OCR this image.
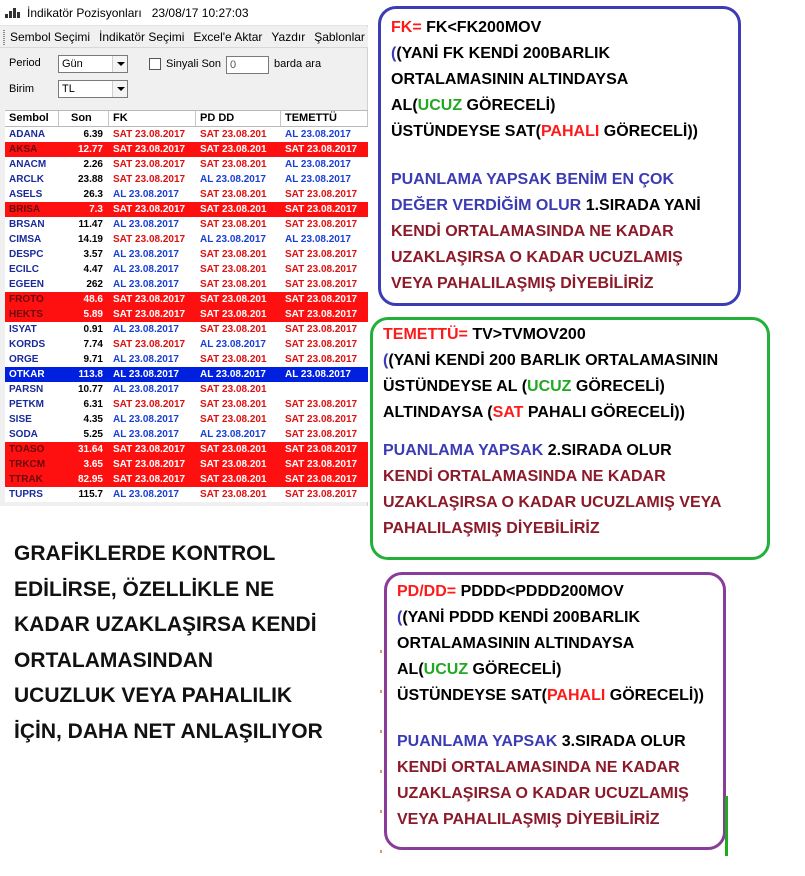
İndikatör Pozisyonları 23/08/17 10:27:03
Sembol Seçimi İndikatör Seçimi Excel'e Aktar Yazdır Şablonlar
Period	Gün	Sinyali Son 0	barda ara
Birim	TL
Sembol	Son	FK	PD DD	TEMETTÜ
ADANA	6.39	SAT 23.08.2017	SAT 23.08.201	AL 23.08.2017
AKSA	12.77	SAT 23.08.2017	SAT 23.08.201	SAT 23.08.2017
ANACM	2.26	SAT 23.08.2017	SAT 23.08.201	AL 23.08.2017
ARCLK	23.88	SAT 23.08.2017	AL 23.08.2017	AL 23.08.2017
ASELS	26.3	AL 23.08.2017	SAT 23.08.201	SAT 23.08.2017
BRISA	7.3	SAT 23.08.2017	SAT 23.08.201	SAT 23.08.2017
BRSAN	11.47	AL 23.08.2017	SAT 23.08.201	SAT 23.08.2017
CIMSA	14.19	SAT 23.08.2017	AL 23.08.2017	AL 23.08.2017
DESPC	3.57	AL 23.08.2017	SAT 23.08.201	SAT 23.08.2017
ECILC	4.47	AL 23.08.2017	SAT 23.08.201	SAT 23.08.2017
EGEEN	262	AL 23.08.2017	SAT 23.08.201	SAT 23.08.2017
FROTO	48.6	SAT 23.08.2017	SAT 23.08.201	SAT 23.08.2017
HEKTS	5.89	SAT 23.08.2017	SAT 23.08.201	SAT 23.08.2017
ISYAT	0.91	AL 23.08.2017	SAT 23.08.201	SAT 23.08.2017
KORDS	7.74	SAT 23.08.2017	AL 23.08.2017	SAT 23.08.2017
ORGE	9.71	AL 23.08.2017	SAT 23.08.201	SAT 23.08.2017
OTKAR	113.8	AL 23.08.2017	AL 23.08.2017	AL 23.08.2017
PARSN	10.77	AL 23.08.2017	SAT 23.08.201
PETKM	6.31	SAT 23.08.2017	SAT 23.08.201	SAT 23.08.2017
SISE	4.35	AL 23.08.2017	SAT 23.08.201	SAT 23.08.2017
SODA	5.25	AL 23.08.2017	AL 23.08.2017	SAT 23.08.2017
TOASO	31.64	SAT 23.08.2017	SAT 23.08.201	SAT 23.08.2017
TRKCM	3.65	SAT 23.08.2017	SAT 23.08.201	SAT 23.08.2017
TTRAK	82.95	SAT 23.08.2017	SAT 23.08.201	SAT 23.08.2017
TUPRS	115.7	AL 23.08.2017	SAT 23.08.201	SAT 23.08.2017
GRAFİKLERDE KONTROL
EDİLİRSE, ÖZELLİKLE NE
KADAR UZAKLAŞIRSA KENDİ
ORTALAMASINDAN
UCUZLUK VEYA PAHALILIK
İÇİN, DAHA NET ANLAŞILIYOR
FK= FK<FK200MOV
((YANİ FK KENDİ 200BARLIK
ORTALAMASININ ALTINDAYSA
AL(UCUZ GÖRECELİ)
ÜSTÜNDEYSE SAT(PAHALI GÖRECELİ))
PUANLAMA YAPSAK BENİM EN ÇOK
DEĞER VERDİĞİM OLUR 1.SIRADA YANİ
KENDİ ORTALAMASINDA NE KADAR
UZAKLAŞIRSA O KADAR UCUZLAMIŞ
VEYA PAHALILAŞMIŞ DİYEBİLİRİZ
TEMETTÜ= TV>TVMOV200
((YANİ KENDİ 200 BARLIK ORTALAMASININ
ÜSTÜNDEYSE AL (UCUZ GÖRECELİ)
ALTINDAYSA (SAT PAHALI GÖRECELİ))
PUANLAMA YAPSAK 2.SIRADA OLUR
KENDİ ORTALAMASINDA NE KADAR
UZAKLAŞIRSA O KADAR UCUZLAMIŞ VEYA
PAHALILAŞMIŞ DİYEBİLİRİZ
PD/DD= PDDD<PDDD200MOV
((YANİ PDDD KENDİ 200BARLIK
ORTALAMASININ ALTINDAYSA
AL(UCUZ GÖRECELİ)
ÜSTÜNDEYSE SAT(PAHALI GÖRECELİ))
PUANLAMA YAPSAK 3.SIRADA OLUR
KENDİ ORTALAMASINDA NE KADAR
UZAKLAŞIRSA O KADAR UCUZLAMIŞ
VEYA PAHALILAŞMIŞ DİYEBİLİRİZ
